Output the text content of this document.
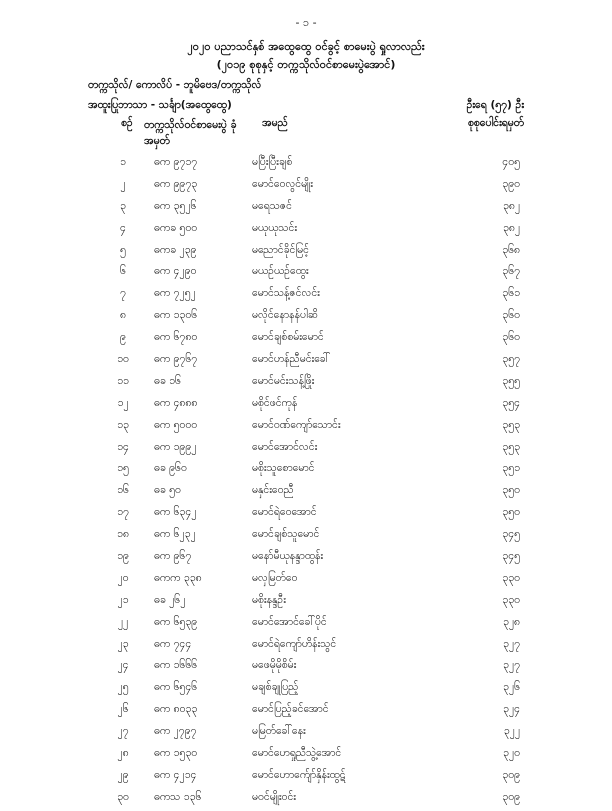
- ၁ -
၂၀၂၀ ပညာသင်နှစ် အထွေထွေ ဝင်ခွင့် စာမေးပွဲ ရှုလာလည်း
(၂၀၁၉ စုစုနှင့် တက္ကသိုလ်ဝင်စာမေးပွဲအောင်)
တက္ကသိုလ်/ ကောလိပ် - ဘူမိဗေဒ/တက္ကသိုလ်
အထူးပြုဘာသာ - သင်္ချာ(အထွေထွေ)	ဦးရေ (၅၇) ဦး
စဉ်	တက္ကသိုလ်ဝင်စာမေးပွဲ ခုံအမှတ်
အမည်	စုစုပေါင်းရမှတ်
၁	ဓက ၉၇၁၇	မပြီးပြီးချစ်	၄၀၅
၂	ဓက ၉၉၇၃	မောင်ဝေလွင်မျိုး	၃၉၀
၃	ဓက ၃၅၂၆	မရေသဇင်	၃၈၂
၄	ဓကခ ၅၀၀	မယုယုသင်း	၃၈၂
၅	ဓကခ ၂၃၉	မညောင်ခိုင်မြင့်	၃၆၈
၆	ဓက ၄၂၉၀	မယဉ်ယဉ်ထွေး	၃၆၇
၇	ဓက ၇၂၅၂	မောင်သန့်ဇင်လင်း	၃၆၁
၈	ဓက ၁၃၀၆	မလိုင်နောနန်ပါဆိ	၃၆၀
၉	ဓက ၆၇၈၀	မောင်ချစ်စမ်းမောင်	၃၆၀
၁၀	ဓက ၉၇၆၇	မောင်ဟန်ညီမင်းခေါ်	၃၅၇
၁၁	ဓခ ၁၆	မောင်မင်းသန့်ဖြိုး	၃၅၅
၁၂	ဓက ၄၈၈၈	မစိုင်ဖင်ကုန်	၃၅၄
၁၃	ဓက ၅၀၀၀	မောင်ဝဏ်ကျော်သောင်း	၃၅၃
၁၄	ဓက ၁၉၉၂	မောင်အောင်လင်း	၃၅၃
၁၅	ဓခ ၉၆၀	မစိုးသူစောမောင်	၃၅၁
၁၆	ဓခ ၅၀	မနှင်းဝေညီ	၃၅၀
၁၇	ဓက ၆၃၄၂	မောင်ရဲဝေအောင်	၃၅၀
၁၈	ဓက ၆၂၃၂	မောင်ချစ်သူမောင်	၃၄၅
၁၉	ဓက ၉၆၇	မနော်မီယုနန္ဒာထွန်း	၃၄၅
၂၀	ဓကက ၃၃၈	မလှမြတ်ဝေ	၃၃၀
၂၁	ဓခ ၂၆၂	မစိုးနန္ဒဦး	၃၃၀
၂၂	ဓက ၆၅၃၉	မောင်အောင်ခေါ်ပိုင်	၃၂၈
၂၃	ဓက ၇၄၄	မောင်ရဲကျော်ဟိန်းသွင်	၃၂၇
၂၄	ဓက ၁၆၆၆	မဖေမိုမိုစိမ်း	၃၂၇
၂၅	ဓက ၆၅၄၆	မချစ်ချုပြည့်	၃၂၆
၂၆	ဓက ၈၀၃၃	မောင်ပြည့်ခင်အောင်	၃၂၄
၂၇	ဓက ၂၇၉၇	မမြတ်ခေါ်နေး	၃၂၂
၂၈	ဓက ၁၅၃၀	မောင်ဟေရှုညီသွဲ့အောင်	၃၂၀
၂၉	ဓက ၄၂၁၄	မောင်ဟောက်ျော်နှိန်းထွဋ်	၃၀၉
၃၀	ဓကသ ၁၃၆	မဝင်မျိုးဝင်း	၃၀၉
